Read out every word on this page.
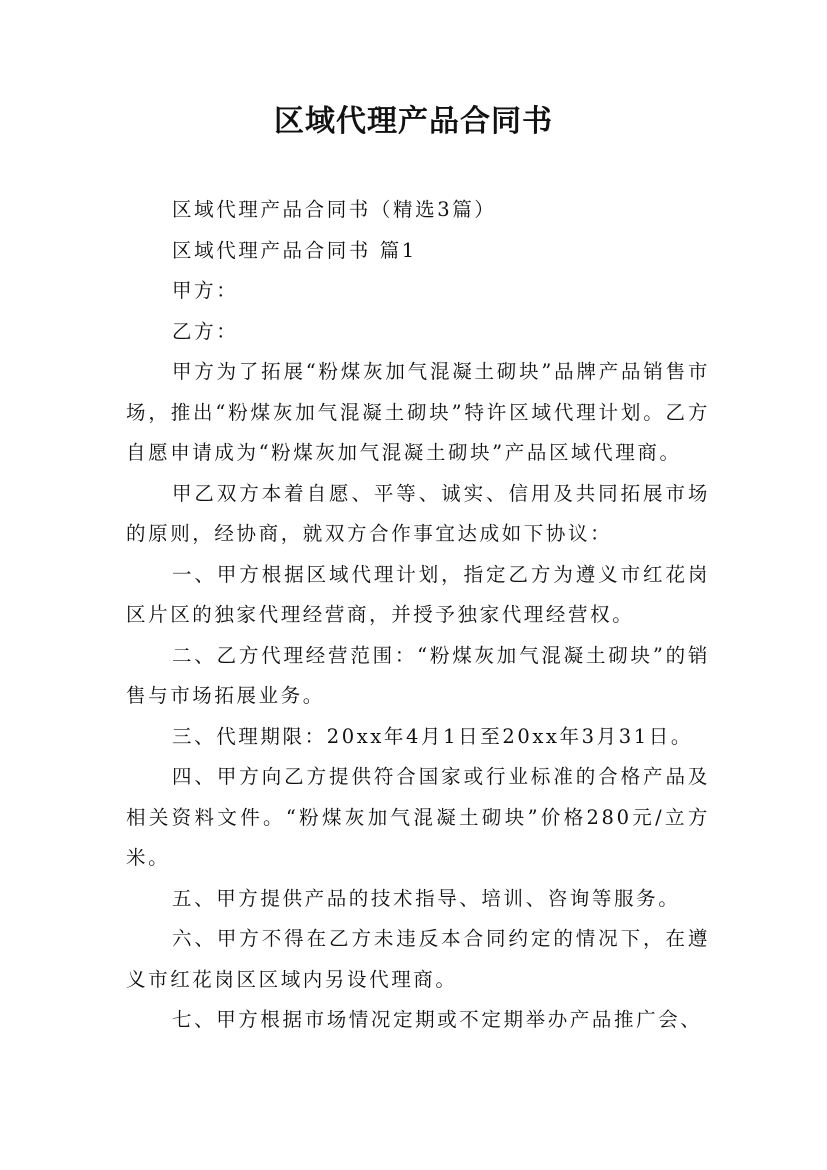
区域代理产品合同书

区域代理产品合同书（精选3篇）

区域代理产品合同书 篇1

甲方：

乙方：

甲方为了拓展“粉煤灰加气混凝土砌块”品牌产品销售市场，推出“粉煤灰加气混凝土砌块”特许区域代理计划。乙方自愿申请成为“粉煤灰加气混凝土砌块”产品区域代理商。

甲乙双方本着自愿、平等、诚实、信用及共同拓展市场的原则，经协商，就双方合作事宜达成如下协议：

一、甲方根据区域代理计划，指定乙方为遵义市红花岗区片区的独家代理经营商，并授予独家代理经营权。

二、乙方代理经营范围：“粉煤灰加气混凝土砌块”的销售与市场拓展业务。

三、代理期限：20xx年4月1日至20xx年3月31日。

四、甲方向乙方提供符合国家或行业标准的合格产品及相关资料文件。“粉煤灰加气混凝土砌块”价格280元/立方米。

五、甲方提供产品的技术指导、培训、咨询等服务。

六、甲方不得在乙方未违反本合同约定的情况下，在遵义市红花岗区区域内另设代理商。

七、甲方根据市场情况定期或不定期举办产品推广会、
